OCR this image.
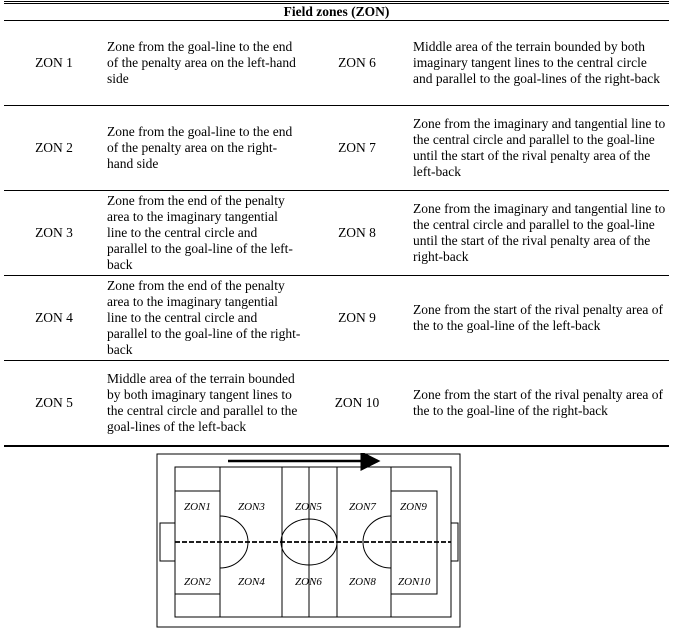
Field zones (ZON)			
ZON 1	Zone from the goal-line to the end of the penalty area on the left-hand side	ZON 6	Middle area of the terrain bounded by both imaginary tangent lines to the central circle and parallel to the goal-lines of the right-back
ZON 2	Zone from the goal-line to the end of the penalty area on the right-hand side	ZON 7	Zone from the imaginary and tangential line to the central circle and parallel to the goal-line until the start of the rival penalty area of the left-back
ZON 3	Zone from the end of the penalty area to the imaginary tangential line to the central circle and parallel to the goal-line of the left-back	ZON 8	Zone from the imaginary and tangential line to the central circle and parallel to the goal-line until the start of the rival penalty area of the right-back
ZON 4	Zone from the end of the penalty area to the imaginary tangential line to the central circle and parallel to the goal-line of the right-back	ZON 9	Zone from the start of the rival penalty area of the to the goal-line of the left-back
ZON 5	Middle area of the terrain bounded by both imaginary tangent lines to the central circle and parallel to the goal-lines of the left-back	ZON 10	Zone from the start of the rival penalty area of the to the goal-line of the right-back
ZON1
ZON2
ZON3
ZON4
ZON5
ZON6
ZON7
ZON8
ZON9
ZON10
